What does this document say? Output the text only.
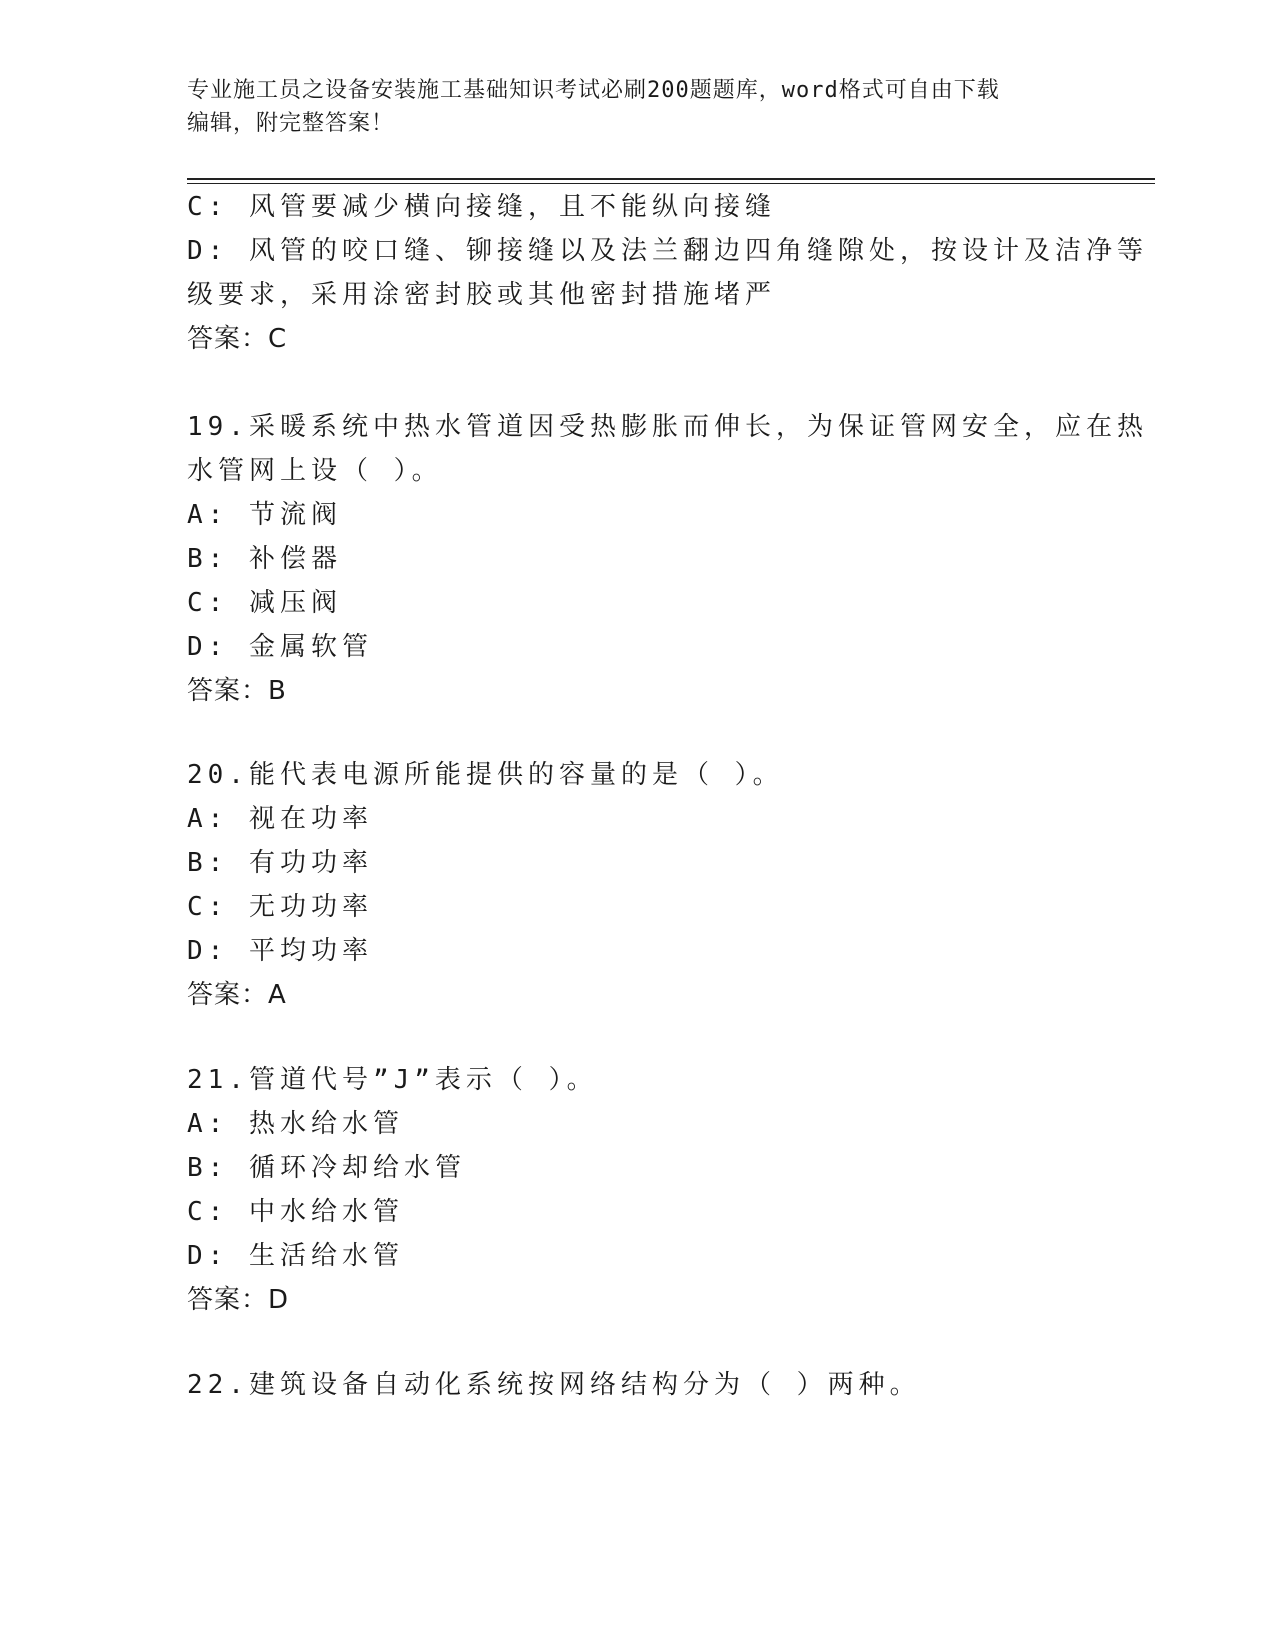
专业施工员之设备安装施工基础知识考试必刷200题题库，word格式可自由下载
编辑，附完整答案！
C: 风管要减少横向接缝，且不能纵向接缝
D: 风管的咬口缝、铆接缝以及法兰翻边四角缝隙处，按设计及洁净等
级要求，采用涂密封胶或其他密封措施堵严
答案：C
19.采暖系统中热水管道因受热膨胀而伸长，为保证管网安全，应在热
水管网上设（ ）。
A: 节流阀
B: 补偿器
C: 减压阀
D: 金属软管
答案：B
20.能代表电源所能提供的容量的是（ ）。
A: 视在功率
B: 有功功率
C: 无功功率
D: 平均功率
答案：A
21.管道代号”J”表示（ ）。
A: 热水给水管
B: 循环冷却给水管
C: 中水给水管
D: 生活给水管
答案：D
22.建筑设备自动化系统按网络结构分为（ ）两种。
